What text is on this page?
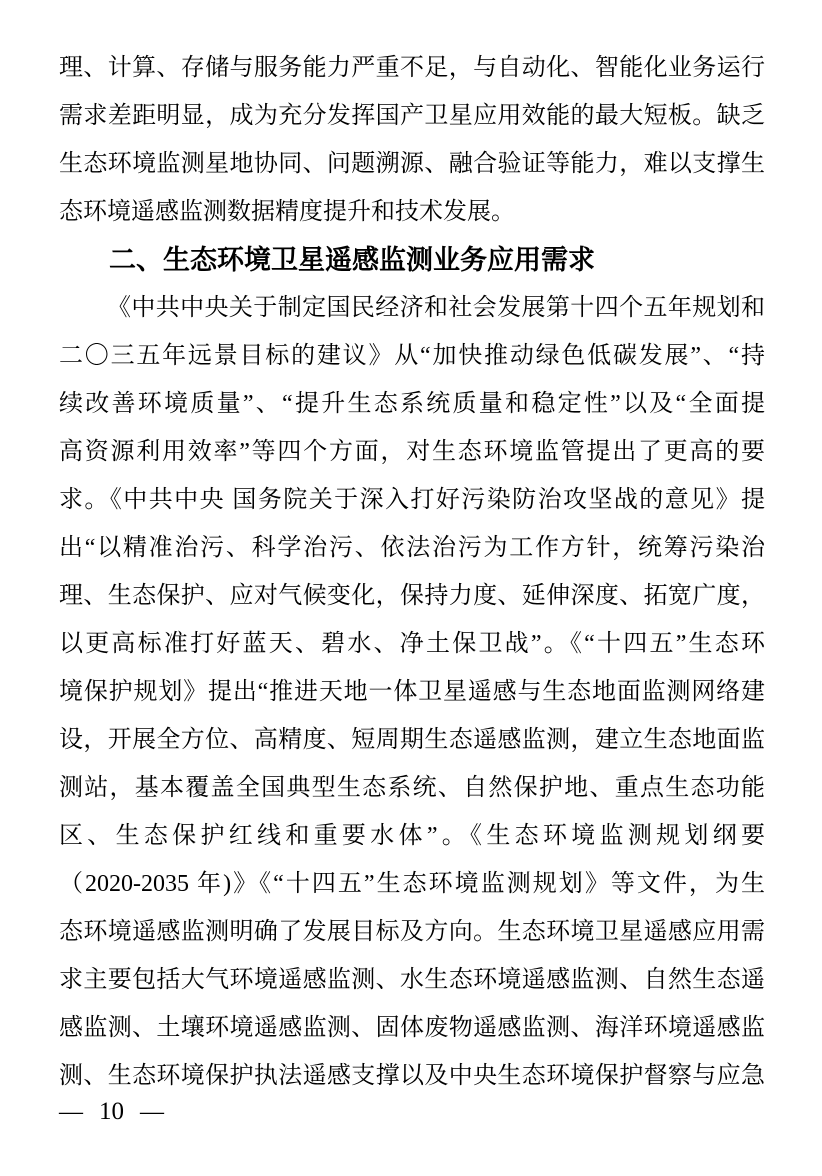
理、计算、存储与服务能力严重不足，与自动化、智能化业务运行
需求差距明显，成为充分发挥国产卫星应用效能的最大短板。缺乏
生态环境监测星地协同、问题溯源、融合验证等能力，难以支撑生
态环境遥感监测数据精度提升和技术发展。
二、生态环境卫星遥感监测业务应用需求
《中共中央关于制定国民经济和社会发展第十四个五年规划和
二〇三五年远景目标的建议》从“加快推动绿色低碳发展”、“持
续改善环境质量”、“提升生态系统质量和稳定性”以及“全面提
高资源利用效率”等四个方面，对生态环境监管提出了更高的要
求。《中共中央 国务院关于深入打好污染防治攻坚战的意见》提
出“以精准治污、科学治污、依法治污为工作方针，统筹污染治
理、生态保护、应对气候变化，保持力度、延伸深度、拓宽广度，
以更高标准打好蓝天、碧水、净土保卫战”。《“十四五”生态环
境保护规划》提出“推进天地一体卫星遥感与生态地面监测网络建
设，开展全方位、高精度、短周期生态遥感监测，建立生态地面监
测站，基本覆盖全国典型生态系统、自然保护地、重点生态功能
区、生态保护红线和重要水体”。《生态环境监测规划纲要
（2020-2035 年)》《“十四五”生态环境监测规划》等文件，为生
态环境遥感监测明确了发展目标及方向。生态环境卫星遥感应用需
求主要包括大气环境遥感监测、水生态环境遥感监测、自然生态遥
感监测、土壤环境遥感监测、固体废物遥感监测、海洋环境遥感监
测、生态环境保护执法遥感支撑以及中央生态环境保护督察与应急
— 10 —
